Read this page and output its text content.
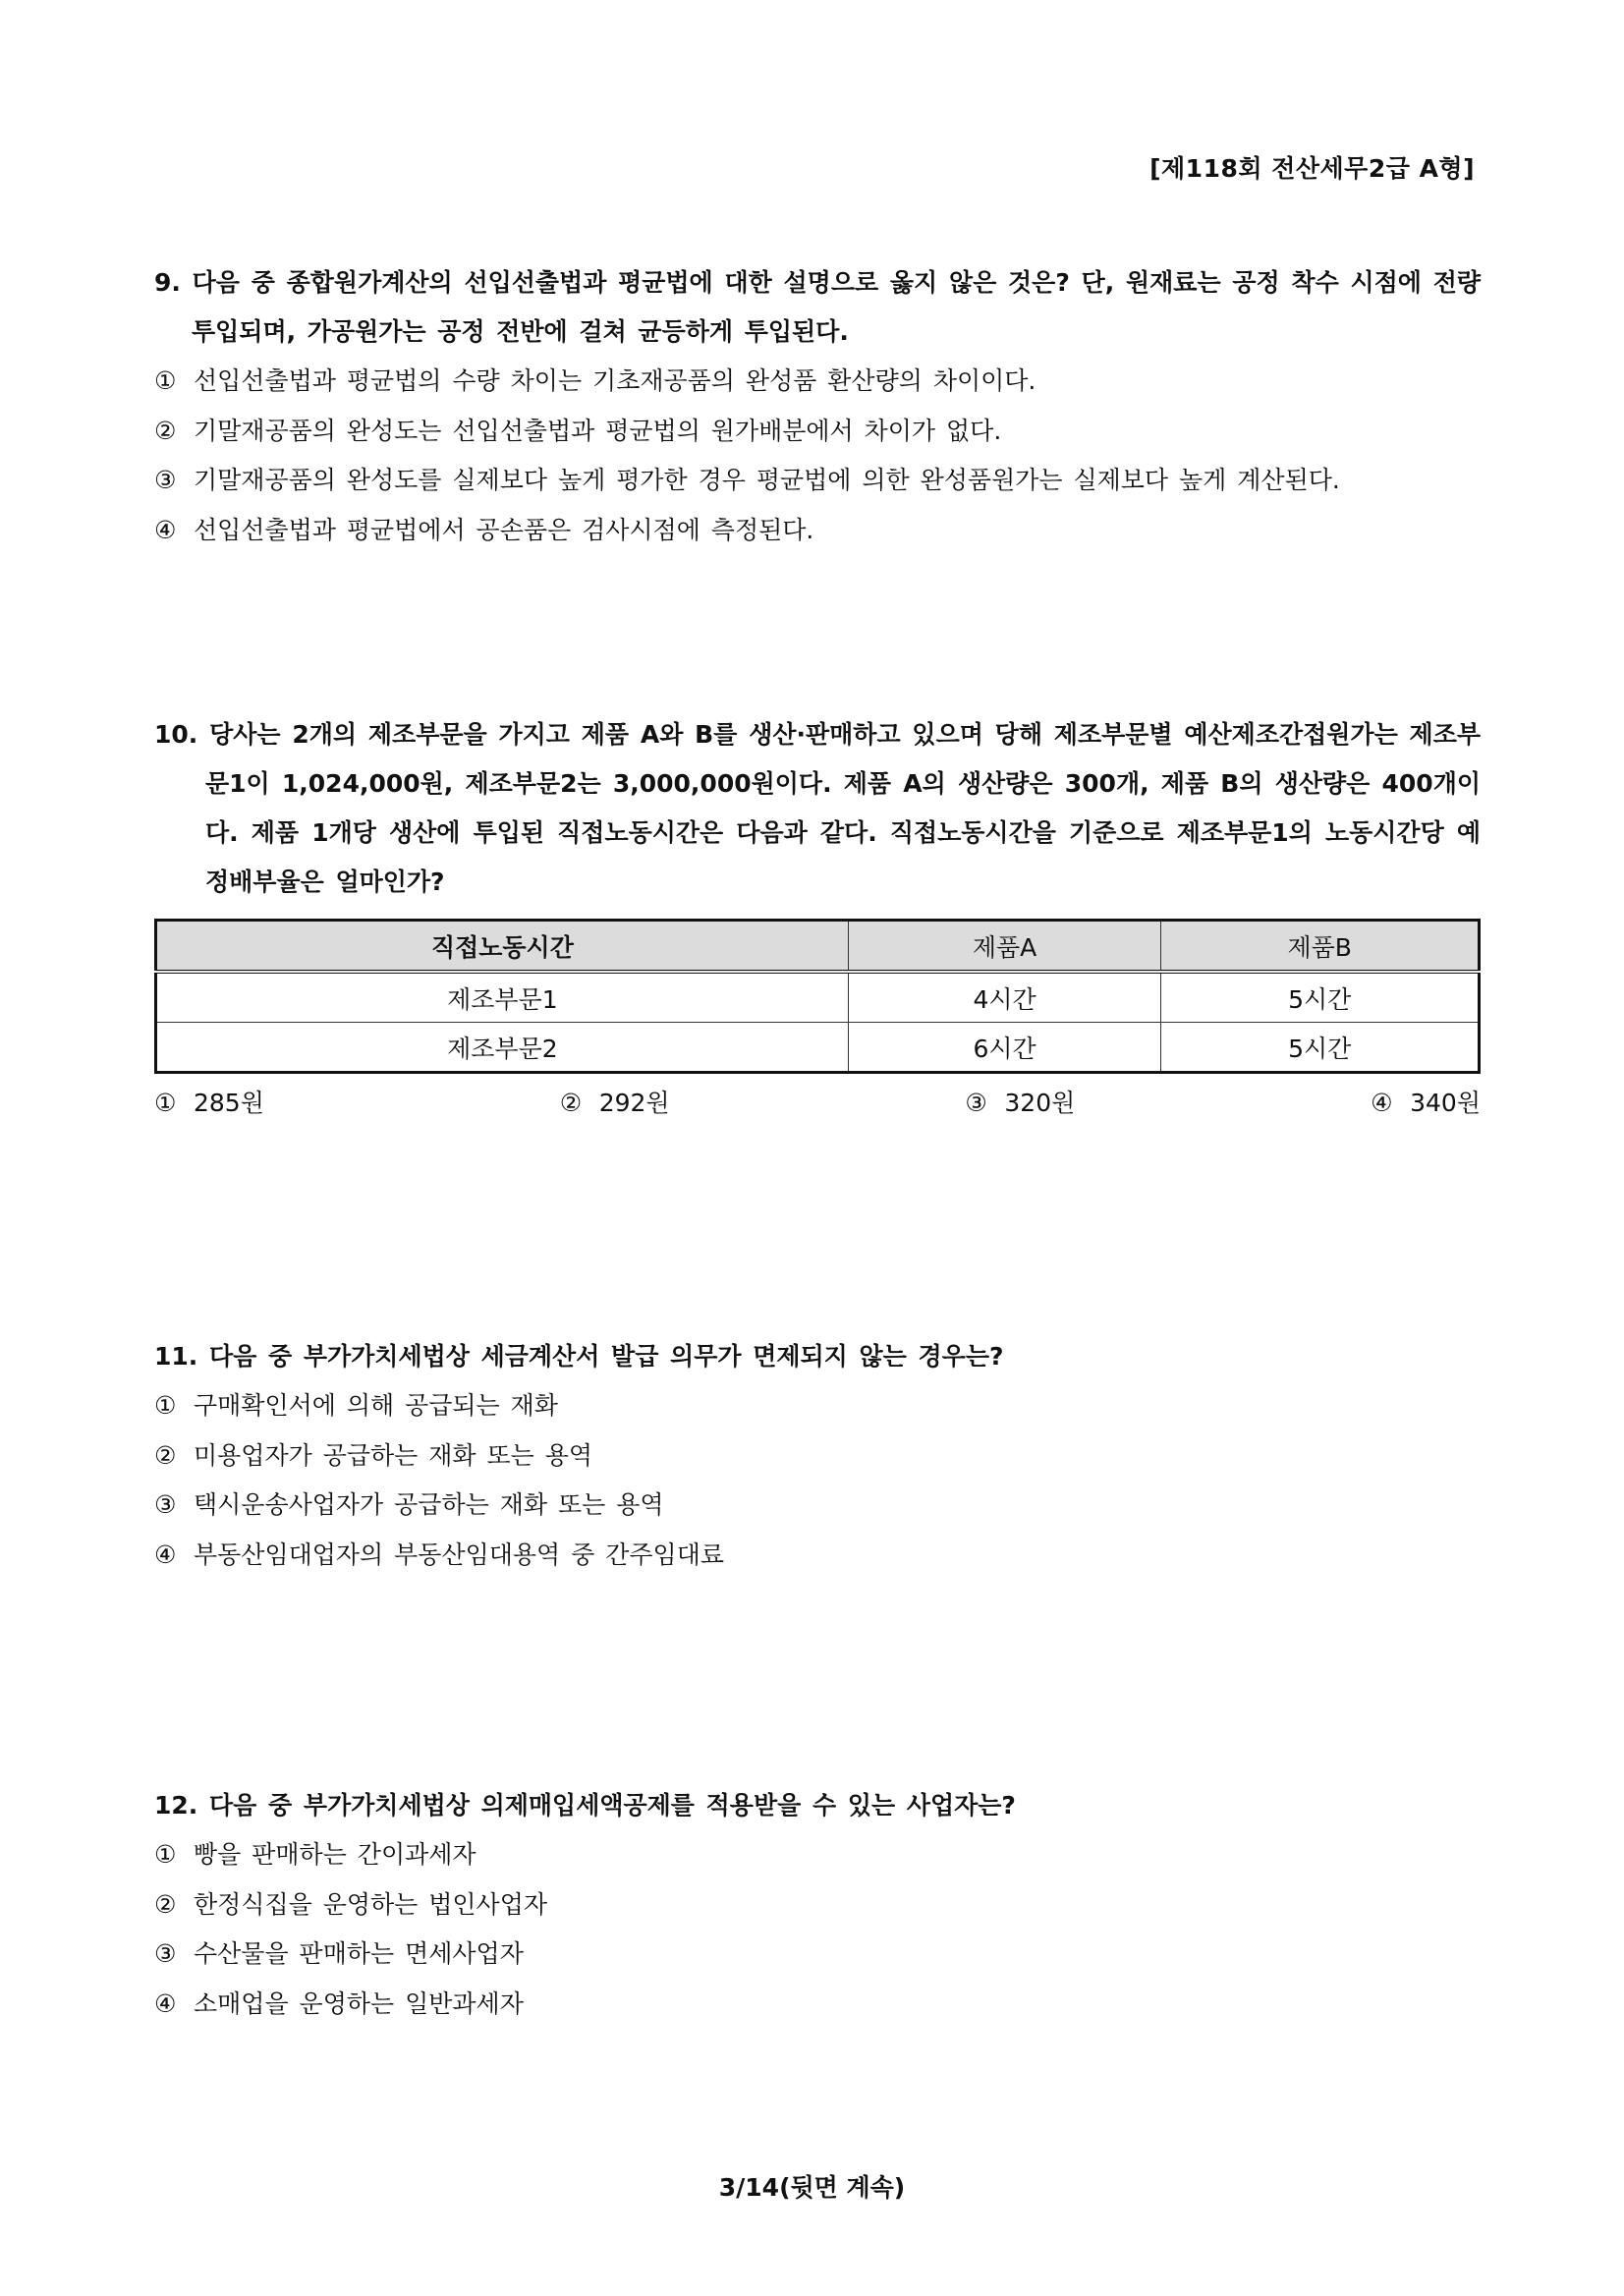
[제118회 전산세무2급 A형]

9. 다음 중 종합원가계산의 선입선출법과 평균법에 대한 설명으로 옳지 않은 것은? 단, 원재료는 공정 착수 시점에 전량 투입되며, 가공원가는 공정 전반에 걸쳐 균등하게 투입된다.

① 선입선출법과 평균법의 수량 차이는 기초재공품의 완성품 환산량의 차이이다.
② 기말재공품의 완성도는 선입선출법과 평균법의 원가배분에서 차이가 없다.
③ 기말재공품의 완성도를 실제보다 높게 평가한 경우 평균법에 의한 완성품원가는 실제보다 높게 계산된다.
④ 선입선출법과 평균법에서 공손품은 검사시점에 측정된다.

10. 당사는 2개의 제조부문을 가지고 제품 A와 B를 생산·판매하고 있으며 당해 제조부문별 예산제조간접원가는 제조부문1이 1,024,000원, 제조부문2는 3,000,000원이다. 제품 A의 생산량은 300개, 제품 B의 생산량은 400개이다. 제품 1개당 생산에 투입된 직접노동시간은 다음과 같다. 직접노동시간을 기준으로 제조부문1의 노동시간당 예정배부율은 얼마인가?

직접노동시간	제품A	제품B
제조부문1	4시간	5시간
제조부문2	6시간	5시간
① 285원	② 292원	③ 320원	④ 340원

11. 다음 중 부가가치세법상 세금계산서 발급 의무가 면제되지 않는 경우는?

① 구매확인서에 의해 공급되는 재화
② 미용업자가 공급하는 재화 또는 용역
③ 택시운송사업자가 공급하는 재화 또는 용역
④ 부동산임대업자의 부동산임대용역 중 간주임대료

12. 다음 중 부가가치세법상 의제매입세액공제를 적용받을 수 있는 사업자는?

① 빵을 판매하는 간이과세자
② 한정식집을 운영하는 법인사업자
③ 수산물을 판매하는 면세사업자
④ 소매업을 운영하는 일반과세자
3/14(뒷면 계속)
